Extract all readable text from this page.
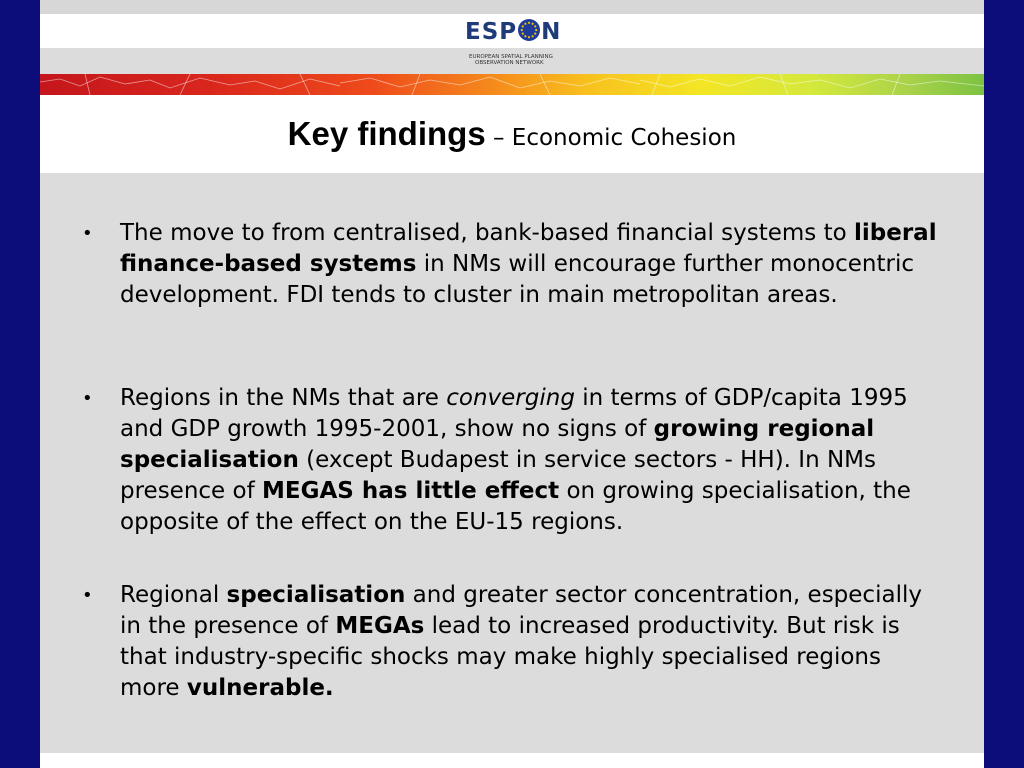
ESP N
EUROPEAN SPATIAL PLANNING
OBSERVATION NETWORK
Key findings – Economic Cohesion
• The move to from centralised, bank-based financial systems to liberal finance-based systems in NMs will encourage further monocentric development. FDI tends to cluster in main metropolitan areas.
• Regions in the NMs that are converging in terms of GDP/capita 1995 and GDP growth 1995-2001, show no signs of growing regional specialisation (except Budapest in service sectors - HH). In NMs presence of MEGAS has little effect on growing specialisation, the opposite of the effect on the EU-15 regions.
• Regional specialisation and greater sector concentration, especially in the presence of MEGAs lead to increased productivity. But risk is that industry-specific shocks may make highly specialised regions more vulnerable.
